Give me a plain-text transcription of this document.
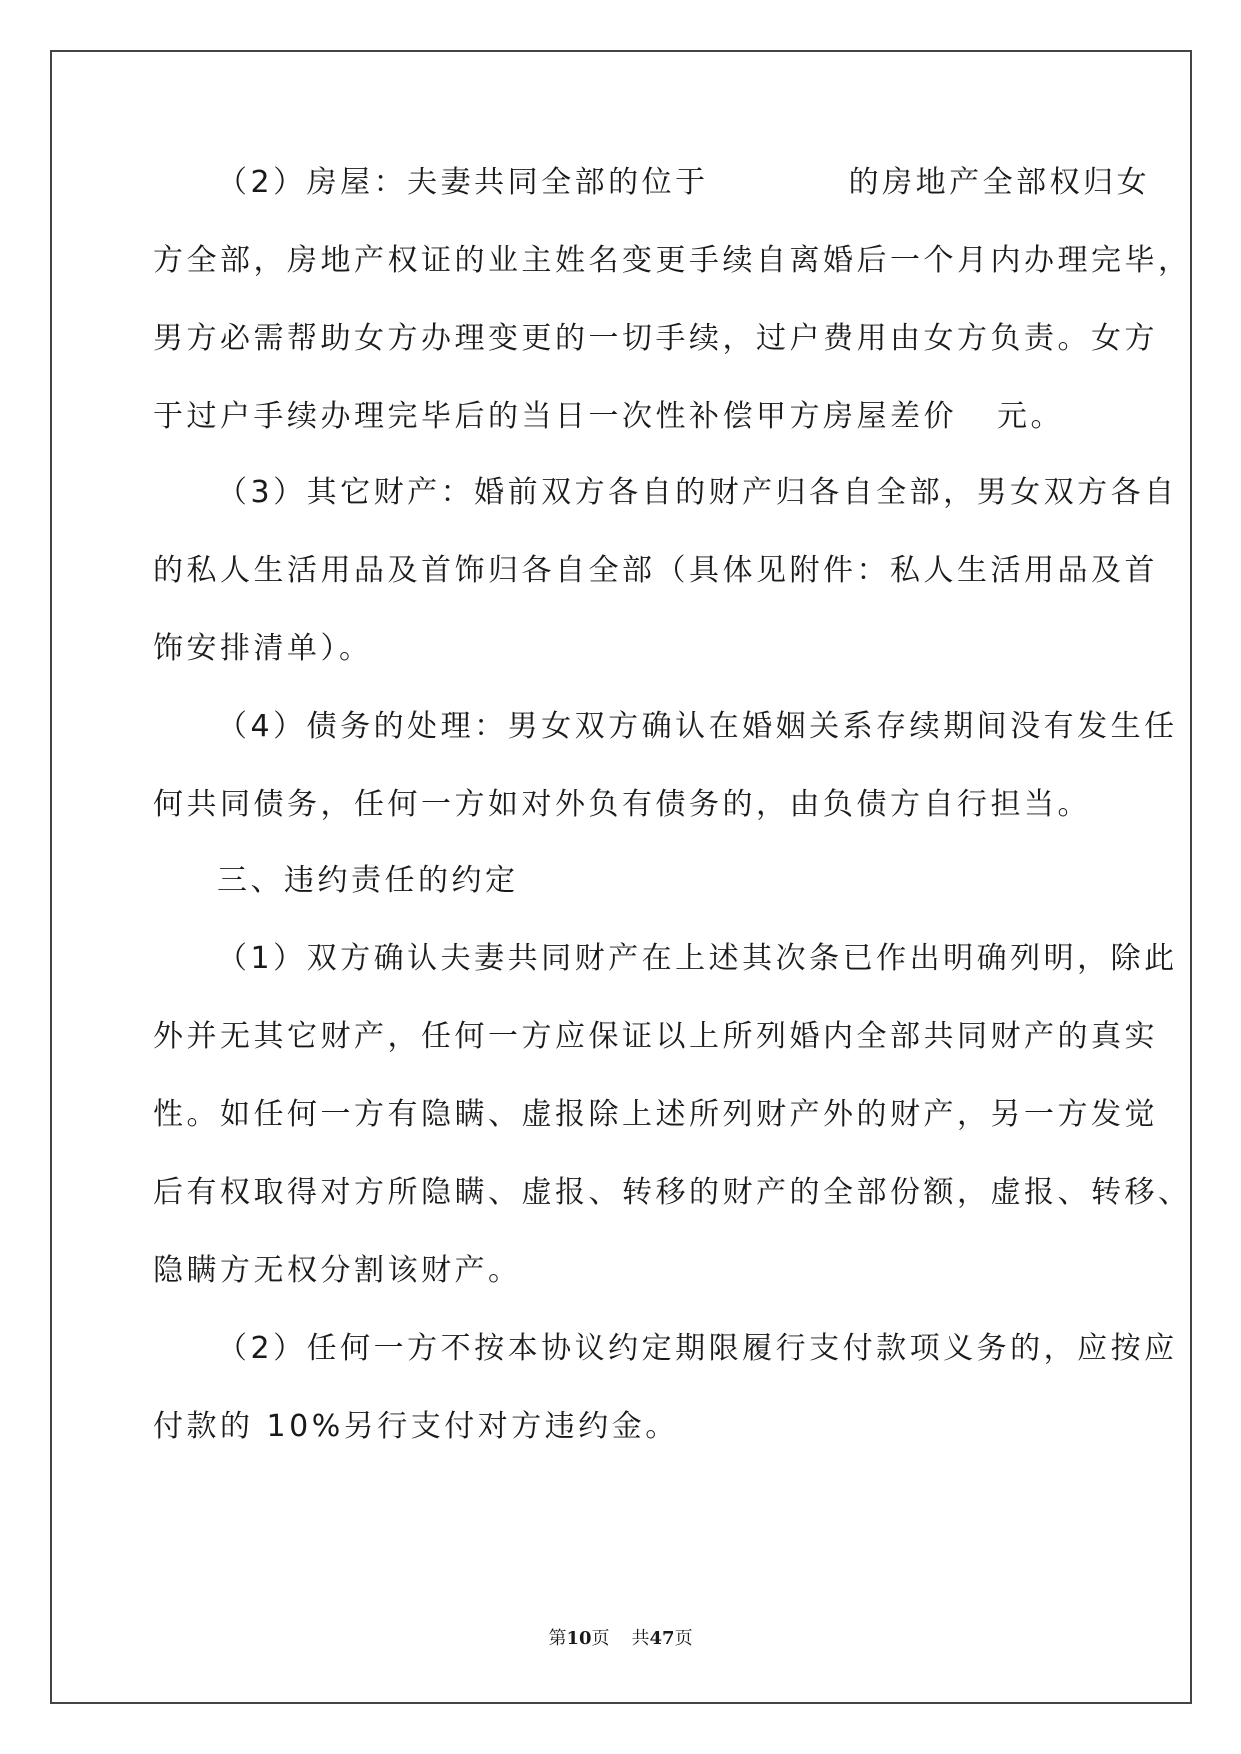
（2）房屋：夫妻共同全部的位于	的房地产全部权归女
方全部，房地产权证的业主姓名变更手续自离婚后一个月内办理完毕，
男方必需帮助女方办理变更的一切手续，过户费用由女方负责。女方
于过户手续办理完毕后的当日一次性补偿甲方房屋差价 元。
（3）其它财产：婚前双方各自的财产归各自全部，男女双方各自
的私人生活用品及首饰归各自全部（具体见附件：私人生活用品及首
饰安排清单）。
（4）债务的处理：男女双方确认在婚姻关系存续期间没有发生任
何共同债务，任何一方如对外负有债务的，由负债方自行担当。
三、违约责任的约定
（1）双方确认夫妻共同财产在上述其次条已作出明确列明，除此
外并无其它财产，任何一方应保证以上所列婚内全部共同财产的真实
性。如任何一方有隐瞒、虚报除上述所列财产外的财产，另一方发觉
后有权取得对方所隐瞒、虚报、转移的财产的全部份额，虚报、转移、
隐瞒方无权分割该财产。
（2）任何一方不按本协议约定期限履行支付款项义务的，应按应
付款的 10%另行支付对方违约金。
第10页 共47页
